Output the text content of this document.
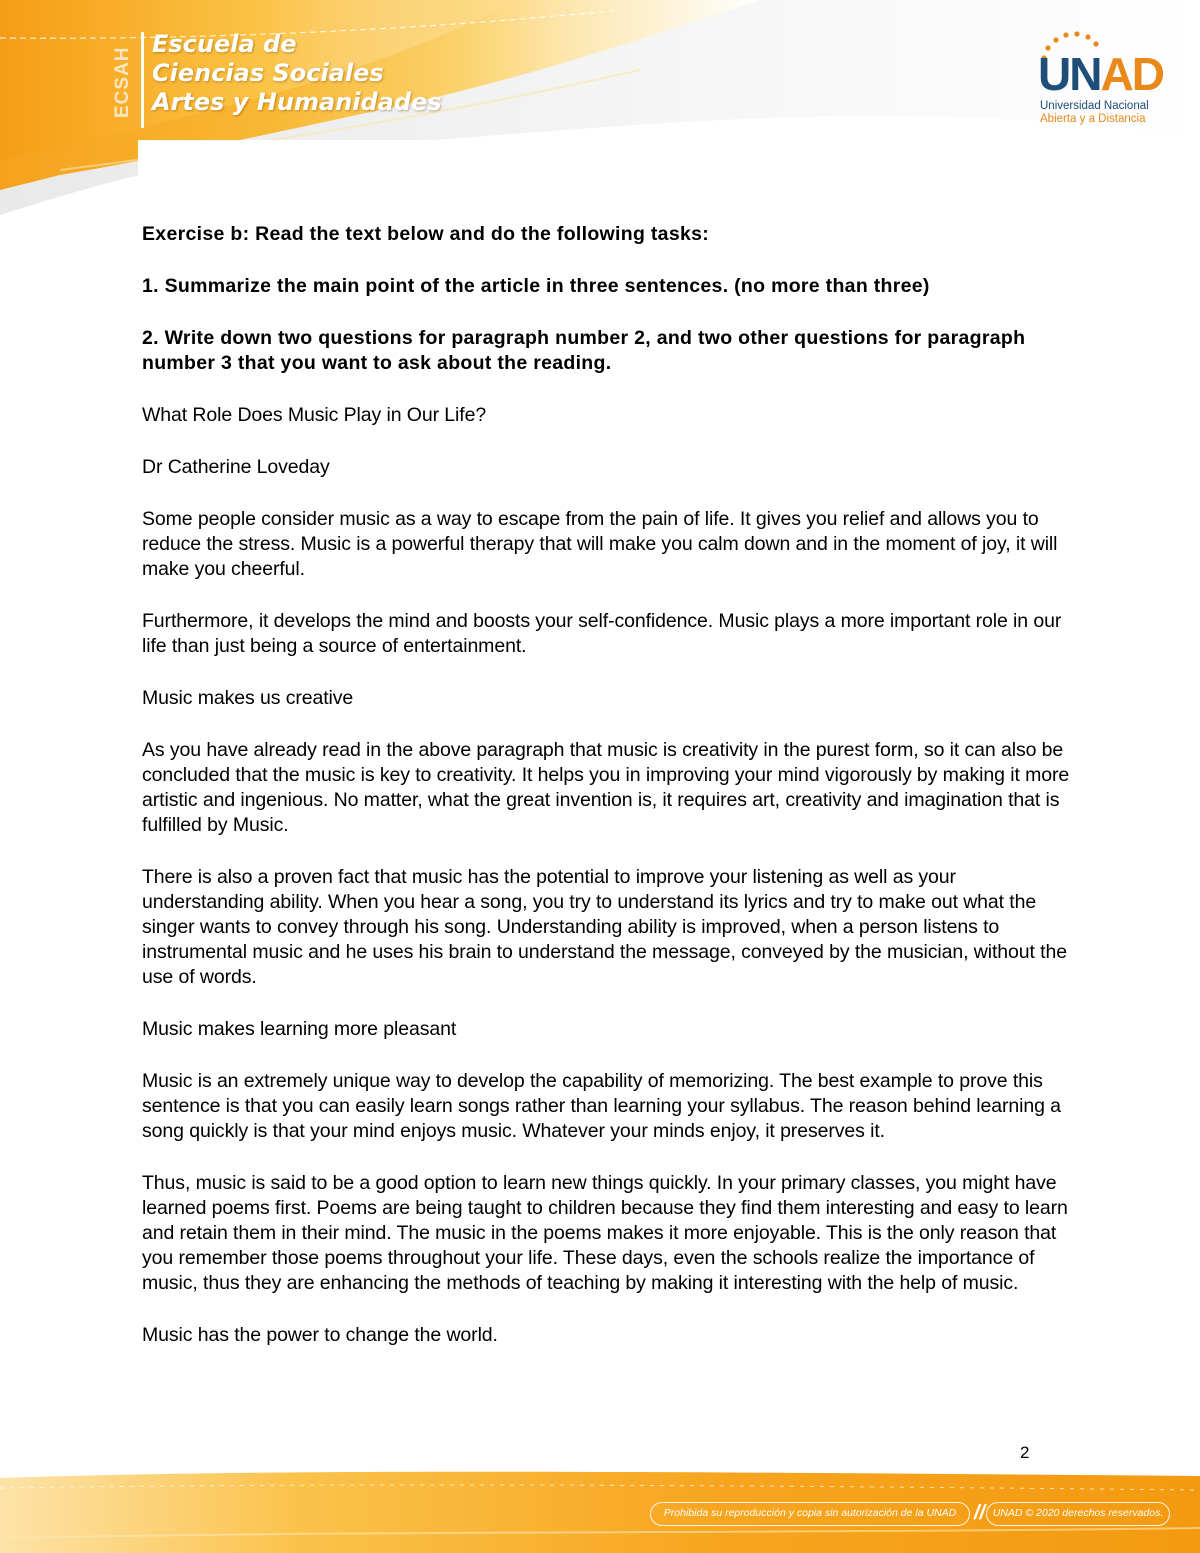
ECSAH
Escuela de
Ciencias Sociales
Artes y Humanidades
UNAD
Universidad Nacional
Abierta y a Distancia

Exercise b: Read the text below and do the following tasks:

1. Summarize the main point of the article in three sentences. (no more than three)

2. Write down two questions for paragraph number 2, and two other questions for paragraph number 3 that you want to ask about the reading.

What Role Does Music Play in Our Life?

Dr Catherine Loveday

Some people consider music as a way to escape from the pain of life. It gives you relief and allows you to reduce the stress. Music is a powerful therapy that will make you calm down and in the moment of joy, it will make you cheerful.

Furthermore, it develops the mind and boosts your self-confidence. Music plays a more important role in our life than just being a source of entertainment.

Music makes us creative

As you have already read in the above paragraph that music is creativity in the purest form, so it can also be concluded that the music is key to creativity. It helps you in improving your mind vigorously by making it more artistic and ingenious. No matter, what the great invention is, it requires art, creativity and imagination that is fulfilled by Music.

There is also a proven fact that music has the potential to improve your listening as well as your understanding ability. When you hear a song, you try to understand its lyrics and try to make out what the singer wants to convey through his song. Understanding ability is improved, when a person listens to instrumental music and he uses his brain to understand the message, conveyed by the musician, without the use of words.

Music makes learning more pleasant

Music is an extremely unique way to develop the capability of memorizing. The best example to prove this sentence is that you can easily learn songs rather than learning your syllabus. The reason behind learning a song quickly is that your mind enjoys music. Whatever your minds enjoy, it preserves it.

Thus, music is said to be a good option to learn new things quickly. In your primary classes, you might have learned poems first. Poems are being taught to children because they find them interesting and easy to learn and retain them in their mind. The music in the poems makes it more enjoyable. This is the only reason that you remember those poems throughout your life. These days, even the schools realize the importance of music, thus they are enhancing the methods of teaching by making it interesting with the help of music.

Music has the power to change the world.

2
Prohibida su reproducción y copia sin autorización de la UNAD // UNAD © 2020 derechos reservados.
